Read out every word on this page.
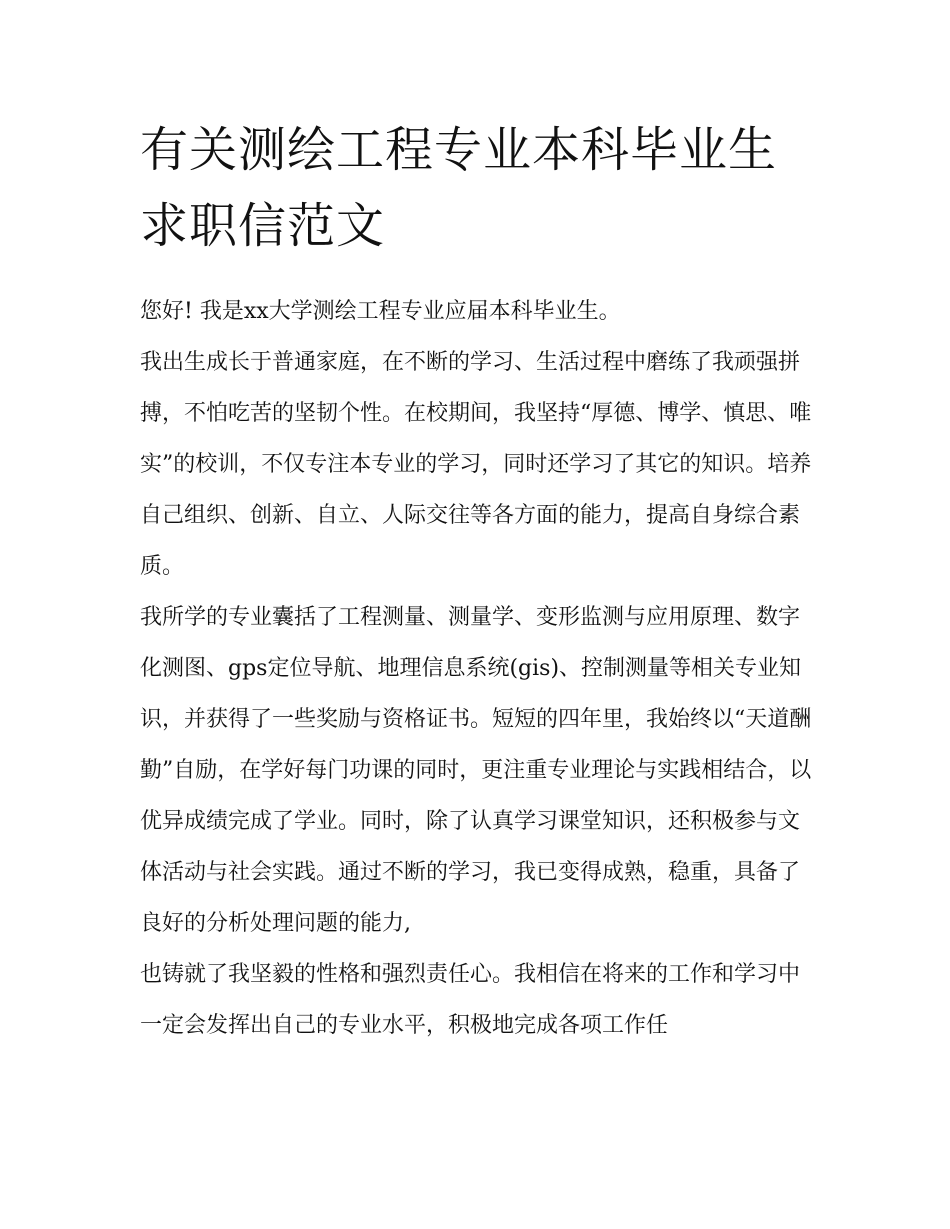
有关测绘工程专业本科毕业生求职信范文

您好! 我是xx大学测绘工程专业应届本科毕业生。

我出生成长于普通家庭，在不断的学习、生活过程中磨练了我顽强拼搏，不怕吃苦的坚韧个性。在校期间，我坚持“厚德、博学、慎思、唯实”的校训，不仅专注本专业的学习，同时还学习了其它的知识。培养自己组织、创新、自立、人际交往等各方面的能力，提高自身综合素质。

我所学的专业囊括了工程测量、测量学、变形监测与应用原理、数字化测图、gps定位导航、地理信息系统(gis)、控制测量等相关专业知识，并获得了一些奖励与资格证书。短短的四年里，我始终以“天道酬勤”自励，在学好每门功课的同时，更注重专业理论与实践相结合，以优异成绩完成了学业。同时，除了认真学习课堂知识，还积极参与文体活动与社会实践。通过不断的学习，我已变得成熟，稳重，具备了良好的分析处理问题的能力,

也铸就了我坚毅的性格和强烈责任心。我相信在将来的工作和学习中一定会发挥出自己的专业水平，积极地完成各项工作任
